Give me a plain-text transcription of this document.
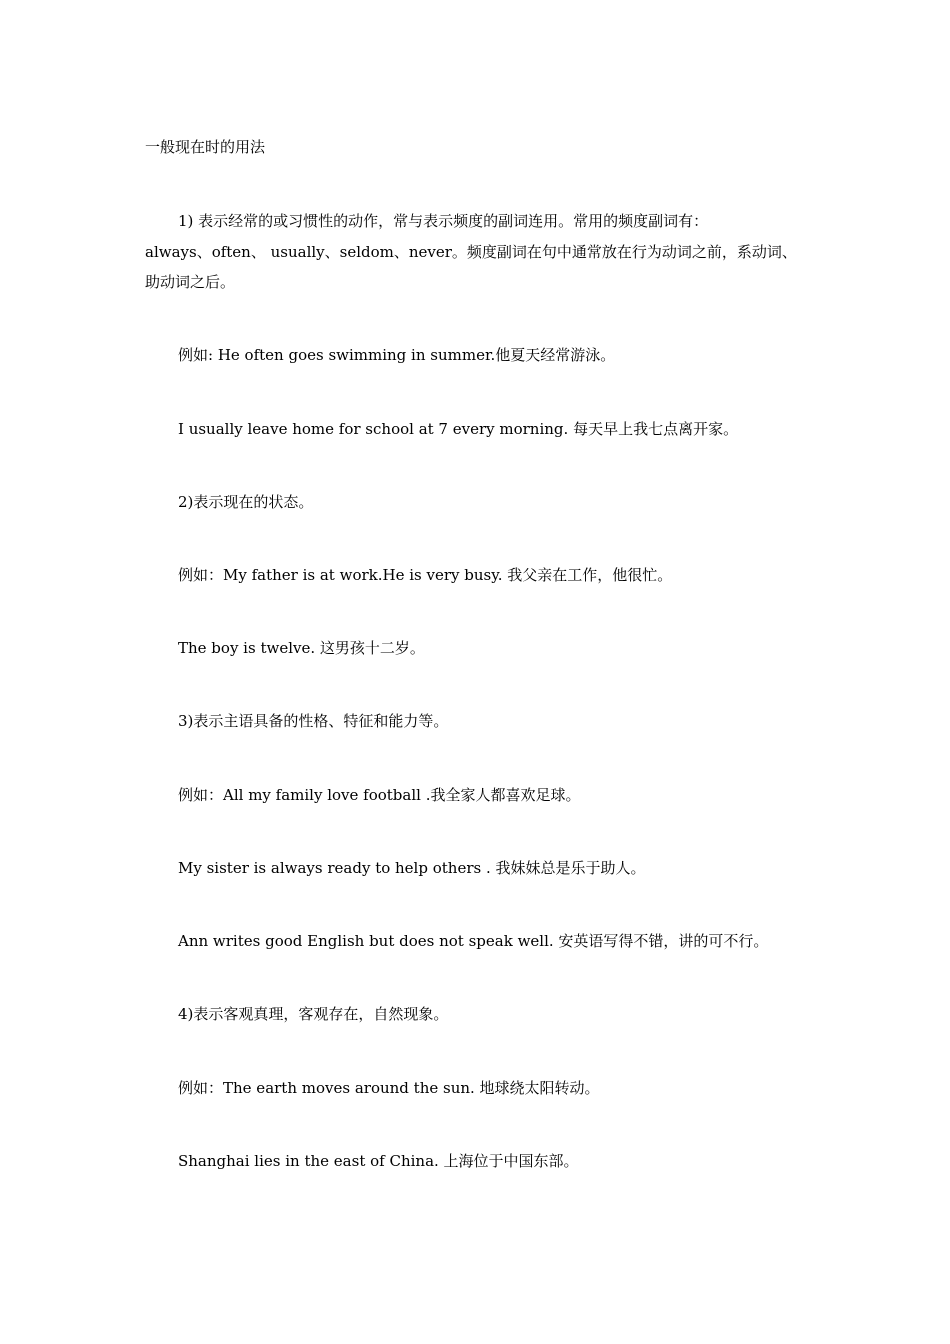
一般现在时的用法
1) 表示经常的或习惯性的动作，常与表示频度的副词连用。常用的频度副词有：
always、often、 usually、seldom、never。频度副词在句中通常放在行为动词之前，系动词、
助动词之后。
例如: He often goes swimming in summer.他夏天经常游泳。
I usually leave home for school at 7 every morning. 每天早上我七点离开家。
2)表示现在的状态。
例如：My father is at work.He is very busy. 我父亲在工作，他很忙。
The boy is twelve. 这男孩十二岁。
3)表示主语具备的性格、特征和能力等。
例如：All my family love football .我全家人都喜欢足球。
My sister is always ready to help others . 我妹妹总是乐于助人。
Ann writes good English but does not speak well. 安英语写得不错，讲的可不行。
4)表示客观真理，客观存在，自然现象。
例如：The earth moves around the sun. 地球绕太阳转动。
Shanghai lies in the east of China. 上海位于中国东部。
